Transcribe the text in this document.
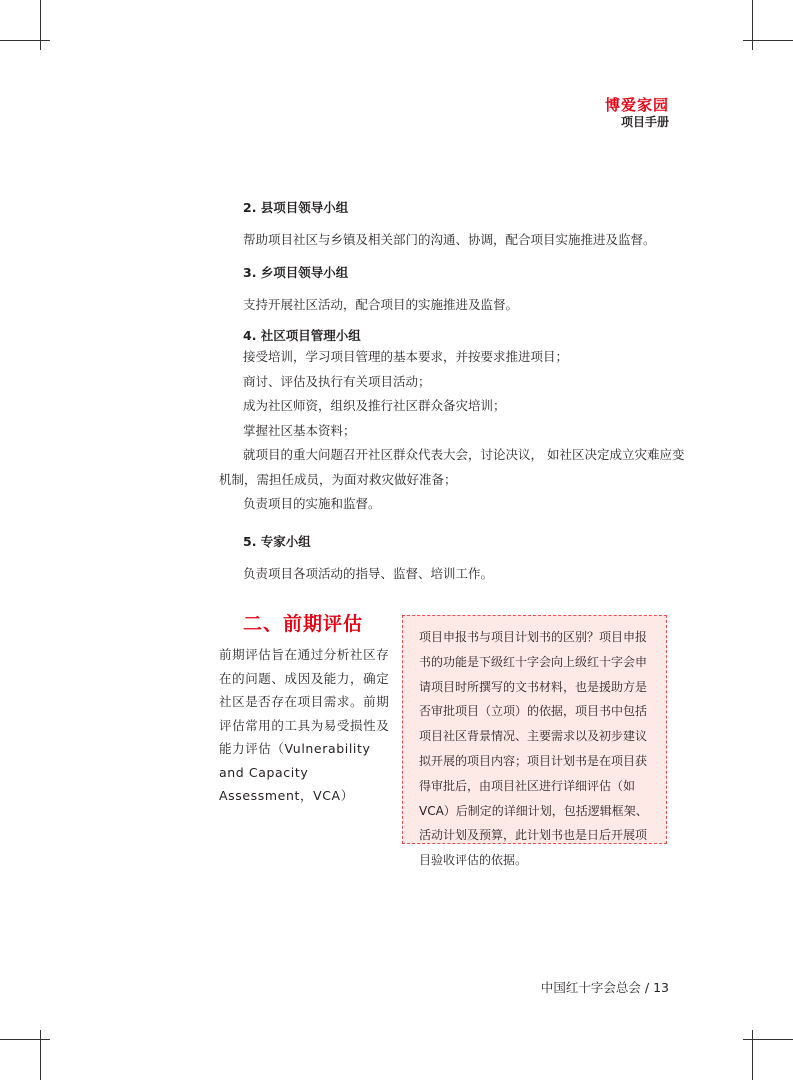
博爱家园
项目手册
2. 县项目领导小组

帮助项目社区与乡镇及相关部门的沟通、协调，配合项目实施推进及监督。

3. 乡项目领导小组

支持开展社区活动，配合项目的实施推进及监督。

4. 社区项目管理小组

接受培训，学习项目管理的基本要求，并按要求推进项目；

商讨、评估及执行有关项目活动；

成为社区师资，组织及推行社区群众备灾培训；

掌握社区基本资料；

就项目的重大问题召开社区群众代表大会，讨论决议， 如社区决定成立灾难应变

机制，需担任成员，为面对救灾做好准备；

负责项目的实施和监督。

5. 专家小组

负责项目各项活动的指导、监督、培训工作。

二、前期评估
前期评估旨在通过分析社区存在的问题、成因及能力，确定社区是否存在项目需求。前期评估常用的工具为易受损性及能力评估（Vulnerability and Capacity Assessment，VCA）
项目申报书与项目计划书的区别？项目申报书的功能是下级红十字会向上级红十字会申请项目时所撰写的文书材料，也是援助方是否审批项目（立项）的依据，项目书中包括项目社区背景情况、主要需求以及初步建议拟开展的项目内容；项目计划书是在项目获得审批后，由项目社区进行详细评估（如VCA）后制定的详细计划，包括逻辑框架、活动计划及预算，此计划书也是日后开展项目验收评估的依据。
中国红十字会总会 / 13
